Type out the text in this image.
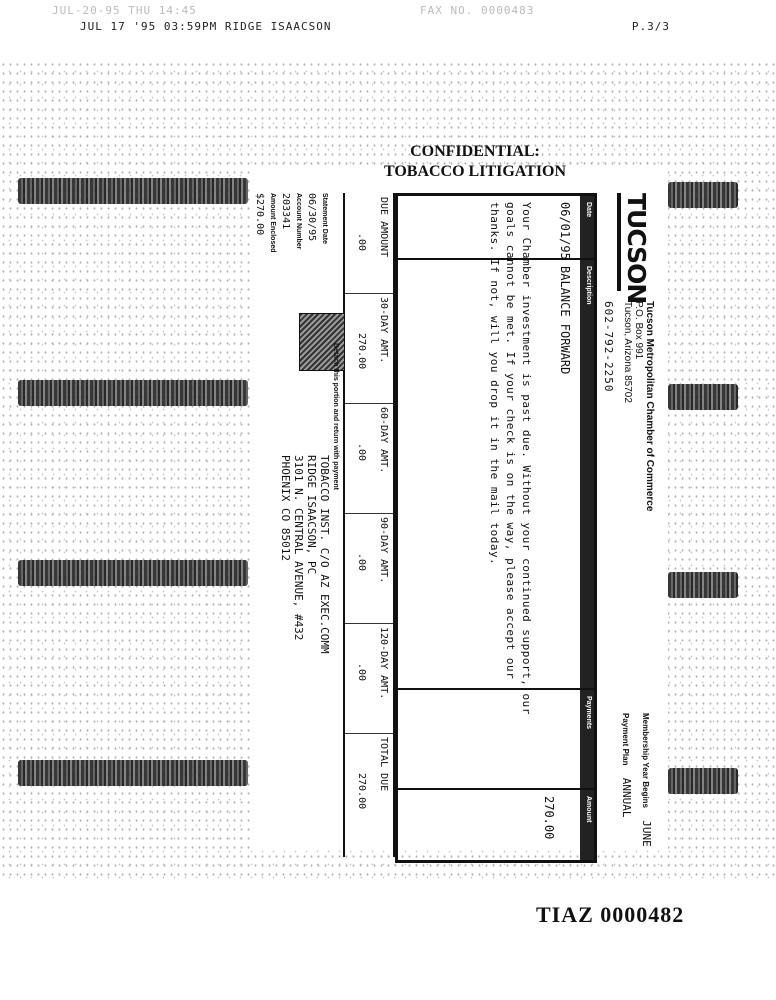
JUL-20-95 THU 14:45	FAX NO. 0000483
JUL 17 '95 03:59PM RIDGE ISAACSON	P.3/3
CONFIDENTIAL:
TOBACCO LITIGATION
TUCSON
Tucson Metropolitan Chamber of Commerce
P.O. Box 991
Tucson, Arizona 85702
602-792-2250
Membership Year Begins JUNE
Payment Plan ANNUAL
Date
Description
Payments
Amount
06/01/95
BALANCE FORWARD
270.00
Your Chamber investment is past due. Without your continued support, our
goals cannot be met. If your check is on the way, please accept our
thanks. If not, will you drop it in the mail today.
DUE AMOUNT
.00
30-DAY AMT.
270.00
60-DAY AMT.
.00
90-DAY AMT.
.00
120-DAY AMT.
.00
TOTAL DUE
270.00
Detach this portion and return with payment
Statement Date
06/30/95
Account Number
203341
Amount Enclosed
$270.00
TOBACCO INST. C/O AZ EXEC.COMM
RIDGE ISAACSON, PC
3101 N. CENTRAL AVENUE, #432
PHOENIX CO 85012
TIAZ 0000482
